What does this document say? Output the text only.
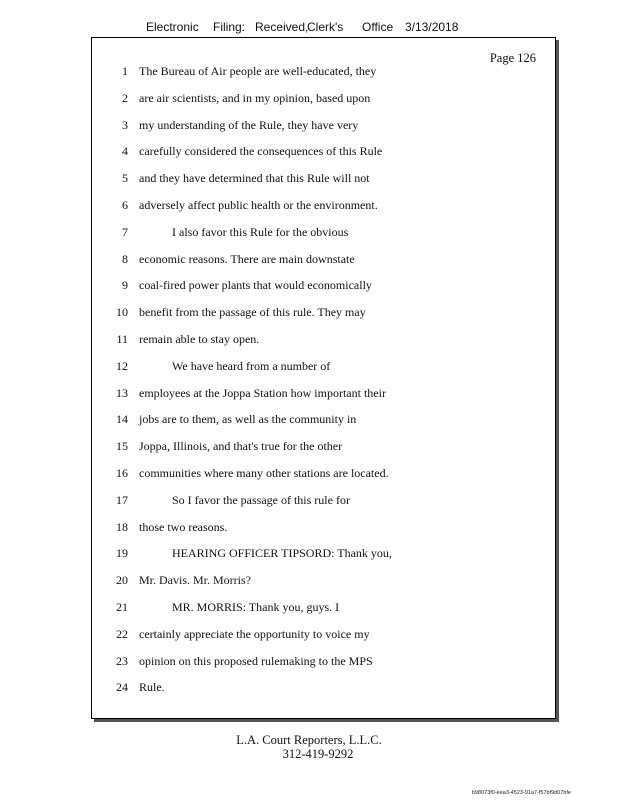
Electronic Filing: Received,
Clerk's Office 3/13/2018
Page 126
1 The Bureau of Air people are well-educated, they
2 are air scientists, and in my opinion, based upon
3 my understanding of the Rule, they have very
4 carefully considered the consequences of this Rule
5 and they have determined that this Rule will not
6 adversely affect public health or the environment.
7	I also favor this Rule for the obvious
8 economic reasons. There are main downstate
9 coal-fired power plants that would economically
10 benefit from the passage of this rule. They may
11 remain able to stay open.
12	We have heard from a number of
13 employees at the Joppa Station how important their
14 jobs are to them, as well as the community in
15 Joppa, Illinois, and that's true for the other
16 communities where many other stations are located.
17	So I favor the passage of this rule for
18 those two reasons.
19	HEARING OFFICER TIPSORD: Thank you,
20 Mr. Davis. Mr. Morris?
21	MR. MORRIS: Thank you, guys. I
22 certainly appreciate the opportunity to voice my
23 opinion on this proposed rulemaking to the MPS
24 Rule.
L.A. Court Reporters, L.L.C.
312-419-9292
b98073f0-eea3-4523-91a7-f57bf9d07bfe
